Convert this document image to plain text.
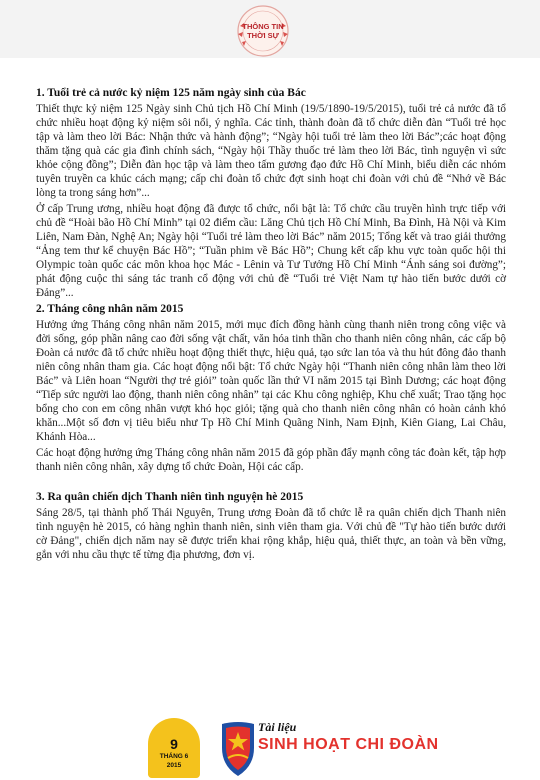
THÔNG TIN
THỜI SỰ
1. Tuổi trẻ cả nước kỷ niệm 125 năm ngày sinh của Bác

Thiết thực kỷ niệm 125 Ngày sinh Chủ tịch Hồ Chí Minh (19/5/1890-19/5/2015), tuổi trẻ cả nước đã tổ chức nhiều hoạt động kỷ niệm sôi nổi, ý nghĩa. Các tỉnh, thành đoàn đã tổ chức diễn đàn “Tuổi trẻ học tập và làm theo lời Bác: Nhận thức và hành động”; “Ngày hội tuổi trẻ làm theo lời Bác”;các hoạt động thăm tặng quà các gia đình chính sách, “Ngày hội Thầy thuốc trẻ làm theo lời Bác, tình nguyện vì sức khỏe cộng đồng”; Diễn đàn học tập và làm theo tấm gương đạo đức Hồ Chí Minh, biểu diễn các nhóm tuyên truyền ca khúc cách mạng; cấp chi đoàn tổ chức đợt sinh hoạt chi đoàn với chủ đề “Nhớ về Bác lòng ta trong sáng hơn”...

Ở cấp Trung ương, nhiều hoạt động đã được tổ chức, nổi bật là: Tổ chức cầu truyền hình trực tiếp với chủ đề “Hoài bão Hồ Chí Minh” tại 02 điểm cầu: Lăng Chủ tịch Hồ Chí Minh, Ba Đình, Hà Nội và Kim Liên, Nam Đàn, Nghệ An; Ngày hội “Tuổi trẻ làm theo lời Bác” năm 2015; Tổng kết và trao giải thưởng “Ảng tem thư kể chuyện Bác Hồ”; “Tuần phim về Bác Hồ”; Chung kết cấp khu vực toàn quốc hội thi Olympic toàn quốc các môn khoa học Mác - Lênin và Tư Tưởng Hồ Chí Minh “Ánh sáng soi đường”; phát động cuộc thi sáng tác tranh cổ động với chủ đề “Tuổi trẻ Việt Nam tự hào tiến bước dưới cờ Đảng”...

2. Tháng công nhân năm 2015

Hưởng ứng Tháng công nhân năm 2015, mới mục đích đồng hành cùng thanh niên trong công việc và đời sống, góp phần nâng cao đời sống vật chất, văn hóa tinh thần cho thanh niên công nhân, các cấp bộ Đoàn cả nước đã tổ chức nhiều hoạt động thiết thực, hiệu quả, tạo sức lan tỏa và thu hút đông đảo thanh niên công nhân tham gia. Các hoạt động nổi bật: Tổ chức Ngày hội “Thanh niên công nhân làm theo lời Bác” và Liên hoan “Người thợ trẻ giỏi” toàn quốc lần thứ VI năm 2015 tại Bình Dương; các hoạt động “Tiếp sức người lao động, thanh niên công nhân” tại các Khu công nghiệp, Khu chế xuất; Trao tặng học bổng cho con em công nhân vượt khó học giỏi; tặng quà cho thanh niên công nhân có hoàn cảnh khó khăn...Một số đơn vị tiêu biểu như Tp Hồ Chí Minh Quãng Ninh, Nam Định, Kiên Giang, Lai Châu, Khánh Hòa...

Các hoạt động hưởng ứng Tháng công nhân năm 2015 đã góp phần đẩy mạnh công tác đoàn kết, tập hợp thanh niên công nhân, xây dựng tổ chức Đoàn, Hội các cấp.

3. Ra quân chiến dịch Thanh niên tình nguyện hè 2015

Sáng 28/5, tại thành phố Thái Nguyên, Trung ương Đoàn đã tổ chức lễ ra quân chiến dịch Thanh niên tình nguyện hè 2015, có hàng nghìn thanh niên, sinh viên tham gia. Với chủ đề "Tự hào tiến bước dưới cờ Đảng", chiến dịch năm nay sẽ được triển khai rộng khắp, hiệu quả, thiết thực, an toàn và bền vững, gắn với nhu cầu thực tế từng địa phương, đơn vị.

9
THÁNG 6
2015
Tài liệu
SINH HOẠT CHI ĐOÀN
